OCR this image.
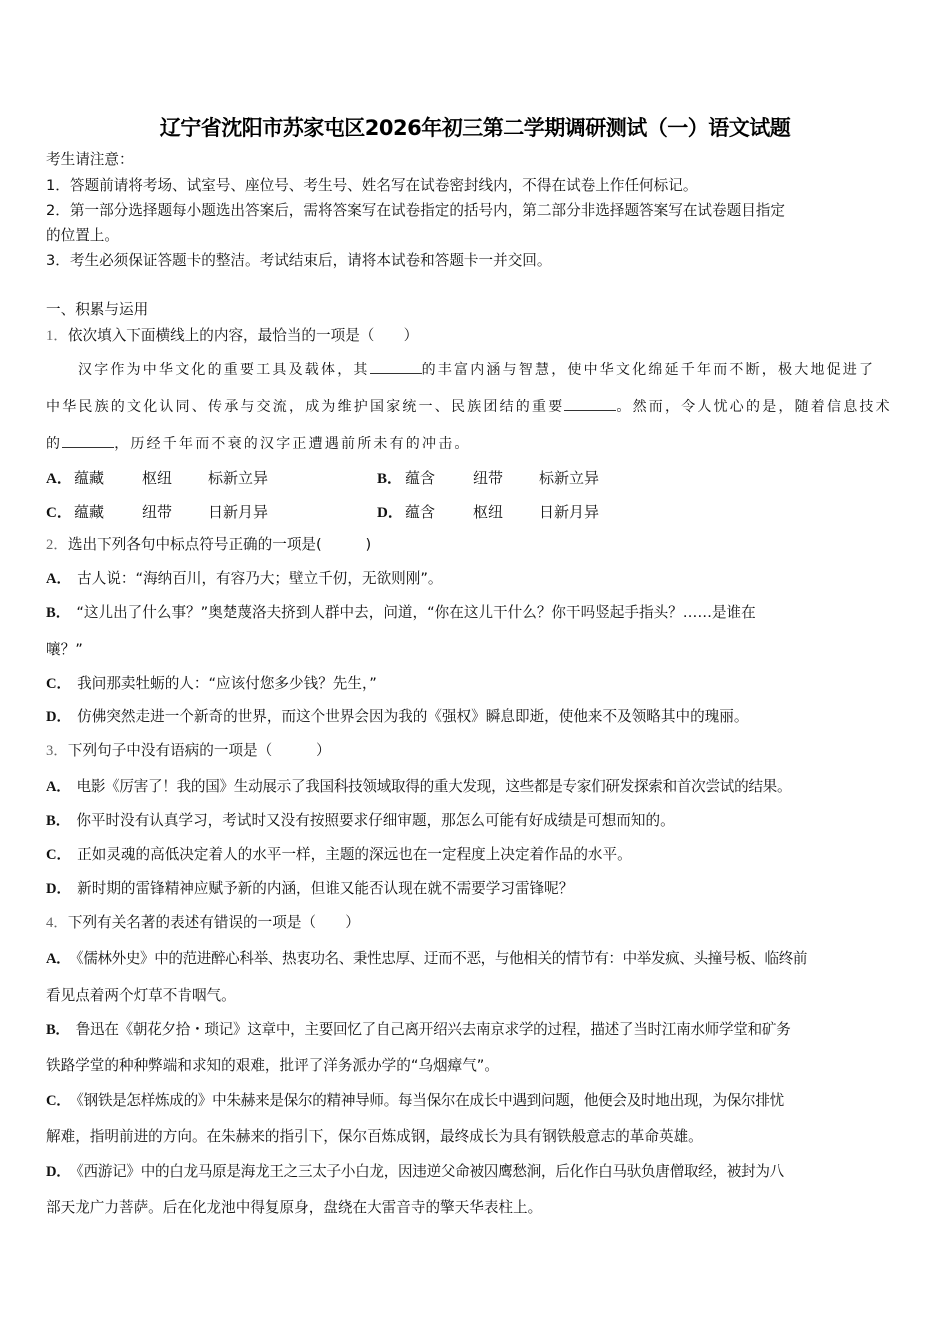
辽宁省沈阳市苏家屯区2026年初三第二学期调研测试（一）语文试题
考生请注意：
1．答题前请将考场、试室号、座位号、考生号、姓名写在试卷密封线内，不得在试卷上作任何标记。
2．第一部分选择题每小题选出答案后，需将答案写在试卷指定的括号内，第二部分非选择题答案写在试卷题目指定
的位置上。
3．考生必须保证答题卡的整洁。考试结束后，请将本试卷和答题卡一并交回。
一、积累与运用
1．依次填入下面横线上的内容，最恰当的一项是（　　）
汉字作为中华文化的重要工具及载体，其	的丰富内涵与智慧，使中华文化绵延千年而不断，极大地促进了
中华民族的文化认同、传承与交流，成为维护国家统一、民族团结的重要	。然而，令人忧心的是，随着信息技术
的	，历经千年而不衰的汉字正遭遇前所未有的冲击。
A． 蕴藏	枢纽 标新立异	B． 蕴含	纽带 标新立异
C． 蕴藏	纽带 日新月异	D． 蕴含	枢纽 日新月异
2．选出下列各句中标点符号正确的一项是(　　　)
A． 古人说：“海纳百川，有容乃大；壁立千仞，无欲则刚”。
B． “这儿出了什么事？”奥楚蔑洛夫挤到人群中去，问道，“你在这儿干什么？你干吗竖起手指头？……是谁在
嚷？”
C． 我问那卖牡蛎的人：“应该付您多少钱？先生，”
D． 仿佛突然走进一个新奇的世界，而这个世界会因为我的《强权》瞬息即逝，使他来不及领略其中的瑰丽。
3．下列句子中没有语病的一项是（　　　）
A． 电影《厉害了！我的国》生动展示了我国科技领域取得的重大发现，这些都是专家们研发探索和首次尝试的结果。
B． 你平时没有认真学习，考试时又没有按照要求仔细审题，那怎么可能有好成绩是可想而知的。
C． 正如灵魂的高低决定着人的水平一样，主题的深远也在一定程度上决定着作品的水平。
D． 新时期的雷锋精神应赋予新的内涵，但谁又能否认现在就不需要学习雷锋呢？
4．下列有关名著的表述有错误的一项是（　　）
A． 《儒林外史》中的范进醉心科举、热衷功名、秉性忠厚、迂而不恶，与他相关的情节有：中举发疯、头撞号板、临终前
看见点着两个灯草不肯咽气。
B． 鲁迅在《朝花夕拾・琐记》这章中，主要回忆了自己离开绍兴去南京求学的过程，描述了当时江南水师学堂和矿务
铁路学堂的种种弊端和求知的艰难，批评了洋务派办学的“乌烟瘴气”。
C． 《钢铁是怎样炼成的》中朱赫来是保尔的精神导师。每当保尔在成长中遇到问题，他便会及时地出现，为保尔排忧
解难，指明前进的方向。在朱赫来的指引下，保尔百炼成钢，最终成长为具有钢铁般意志的革命英雄。
D． 《西游记》中的白龙马原是海龙王之三太子小白龙，因违逆父命被囚鹰愁涧，后化作白马驮负唐僧取经，被封为八
部天龙广力菩萨。后在化龙池中得复原身，盘绕在大雷音寺的擎天华表柱上。
